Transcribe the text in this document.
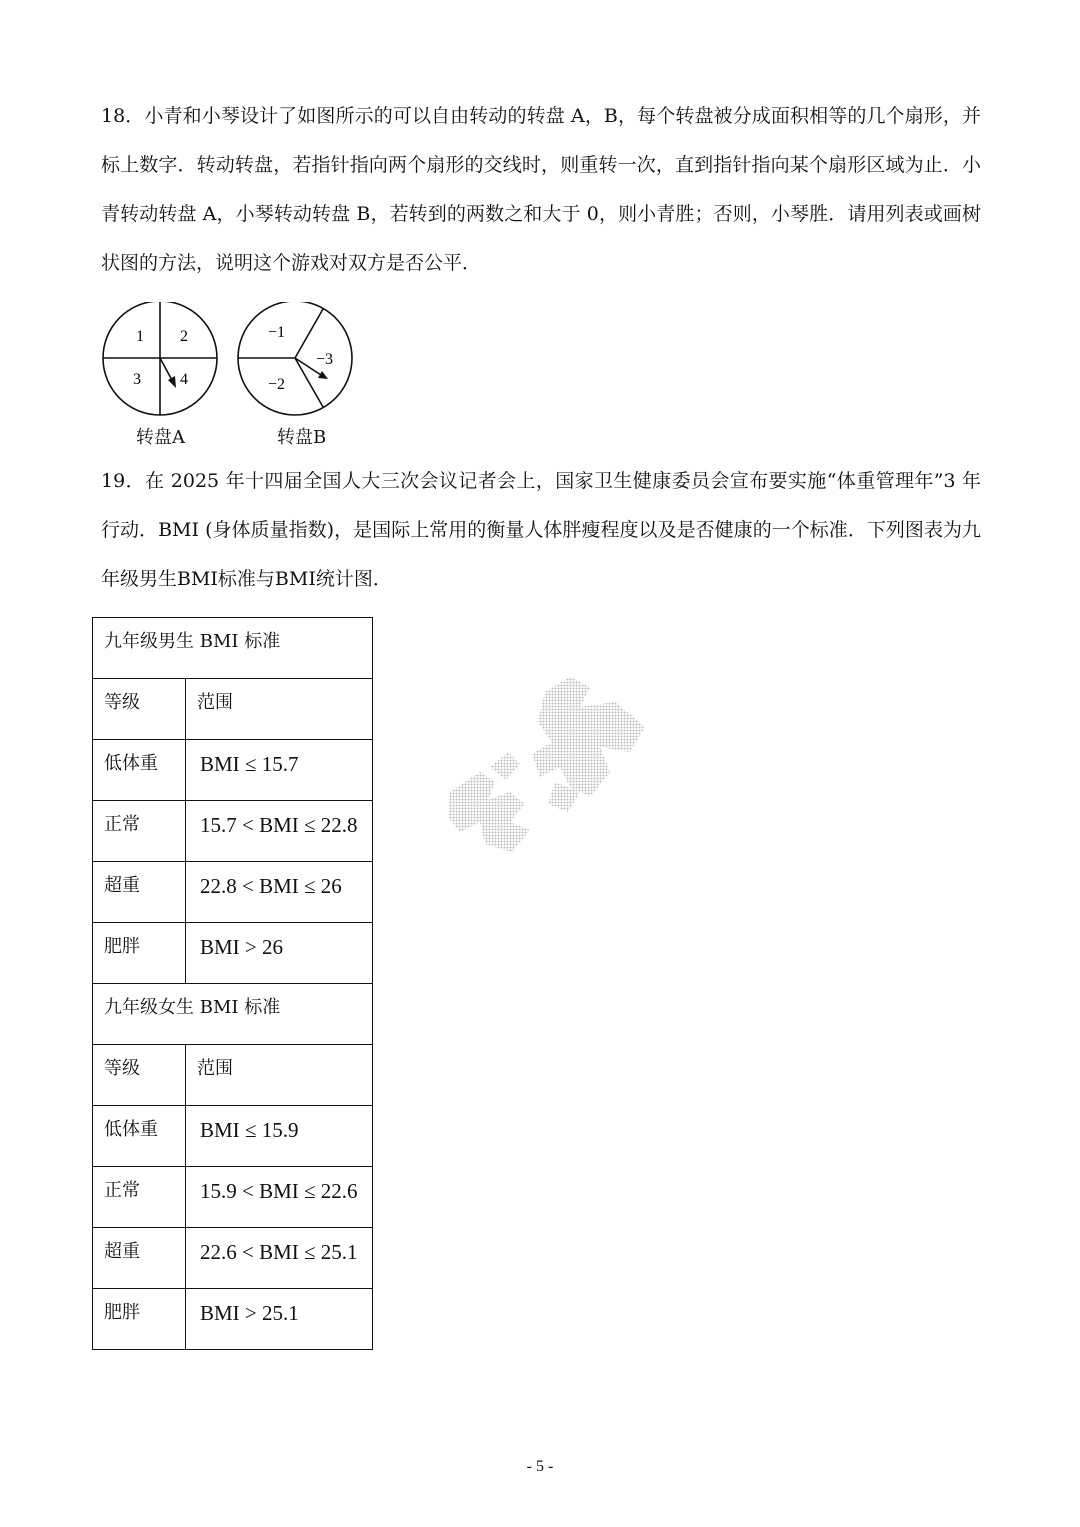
18．小青和小琴设计了如图所示的可以自由转动的转盘 A，B，每个转盘被分成面积相等的几个扇形，并标上数字．转动转盘，若指针指向两个扇形的交线时，则重转一次，直到指针指向某个扇形区域为止．小青转动转盘 A，小琴转动转盘 B，若转到的两数之和大于 0，则小青胜；否则，小琴胜．请用列表或画树状图的方法，说明这个游戏对双方是否公平．

1 2
3 4
−1
−3
−2
转盘A	转盘B

19．在 2025 年十四届全国人大三次会议记者会上，国家卫生健康委员会宣布要实施“体重管理年”3 年行动．BMI (身体质量指数)，是国际上常用的衡量人体胖瘦程度以及是否健康的一个标准．下列图表为九年级男生BMI标准与BMI统计图．

九年级男生 BMI 标准	
等级	范围
低体重	BMI ≤ 15.7
正常	15.7 < BMI ≤ 22.8
超重	22.8 < BMI ≤ 26
肥胖	BMI > 26
九年级女生 BMI 标准	
等级	范围
低体重	BMI ≤ 15.9
正常	15.9 < BMI ≤ 22.6
超重	22.6 < BMI ≤ 25.1
肥胖	BMI > 25.1
- 5 -
